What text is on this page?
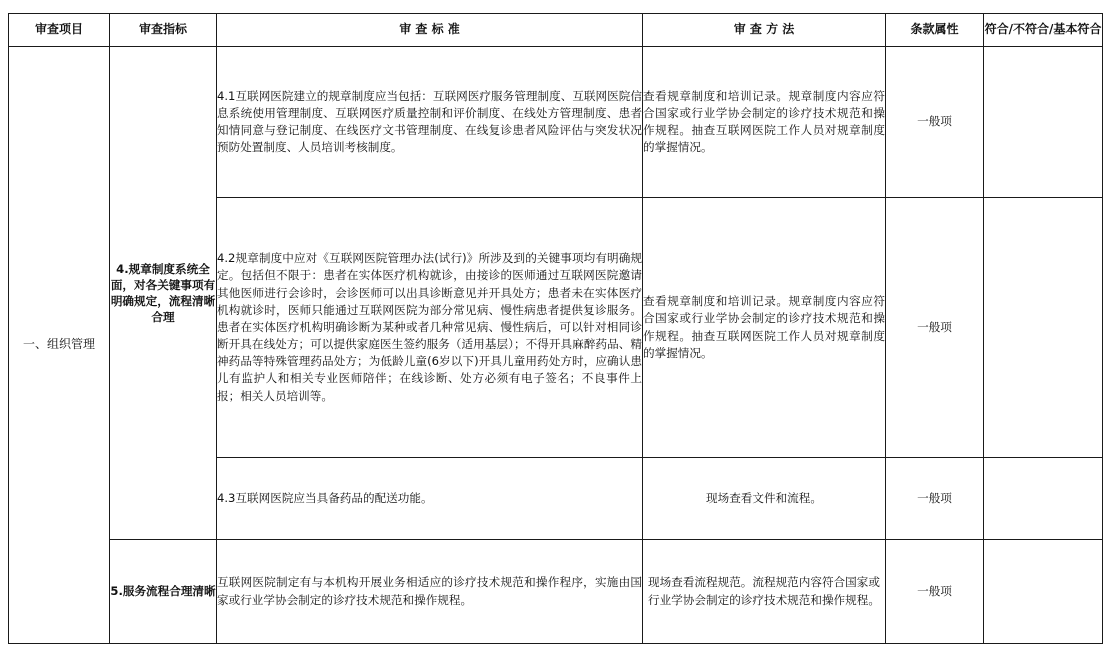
审查项目	审查指标	审 查 标 准	审 查 方 法	条款属性	符合/不符合/基本符合
一、组织管理	4.规章制度系统全面，对各关键事项有明确规定，流程清晰合理	4.1互联网医院建立的规章制度应当包括：互联网医疗服务管理制度、互联网医院信息系统使用管理制度、互联网医疗质量控制和评价制度、在线处方管理制度、患者知情同意与登记制度、在线医疗文书管理制度、在线复诊患者风险评估与突发状况预防处置制度、人员培训考核制度。	查看规章制度和培训记录。规章制度内容应符合国家或行业学协会制定的诊疗技术规范和操作规程。抽查互联网医院工作人员对规章制度的掌握情况。	一般项	
		4.2规章制度中应对《互联网医院管理办法(试行)》所涉及到的关键事项均有明确规定。包括但不限于：患者在实体医疗机构就诊，由接诊的医师通过互联网医院邀请其他医师进行会诊时，会诊医师可以出具诊断意见并开具处方；患者未在实体医疗机构就诊时，医师只能通过互联网医院为部分常见病、慢性病患者提供复诊服务。患者在实体医疗机构明确诊断为某种或者几种常见病、慢性病后，可以针对相同诊断开具在线处方；可以提供家庭医生签约服务（适用基层）；不得开具麻醉药品、精神药品等特殊管理药品处方；为低龄儿童(6岁以下)开具儿童用药处方时，应确认患儿有监护人和相关专业医师陪伴；在线诊断、处方必须有电子签名；不良事件上报；相关人员培训等。	查看规章制度和培训记录。规章制度内容应符合国家或行业学协会制定的诊疗技术规范和操作规程。抽查互联网医院工作人员对规章制度的掌握情况。	一般项	
		4.3互联网医院应当具备药品的配送功能。	现场查看文件和流程。	一般项	
	5.服务流程合理清晰	互联网医院制定有与本机构开展业务相适应的诊疗技术规范和操作程序，实施由国家或行业学协会制定的诊疗技术规范和操作规程。	现场查看流程规范。流程规范内容符合国家或行业学协会制定的诊疗技术规范和操作规程。	一般项	
